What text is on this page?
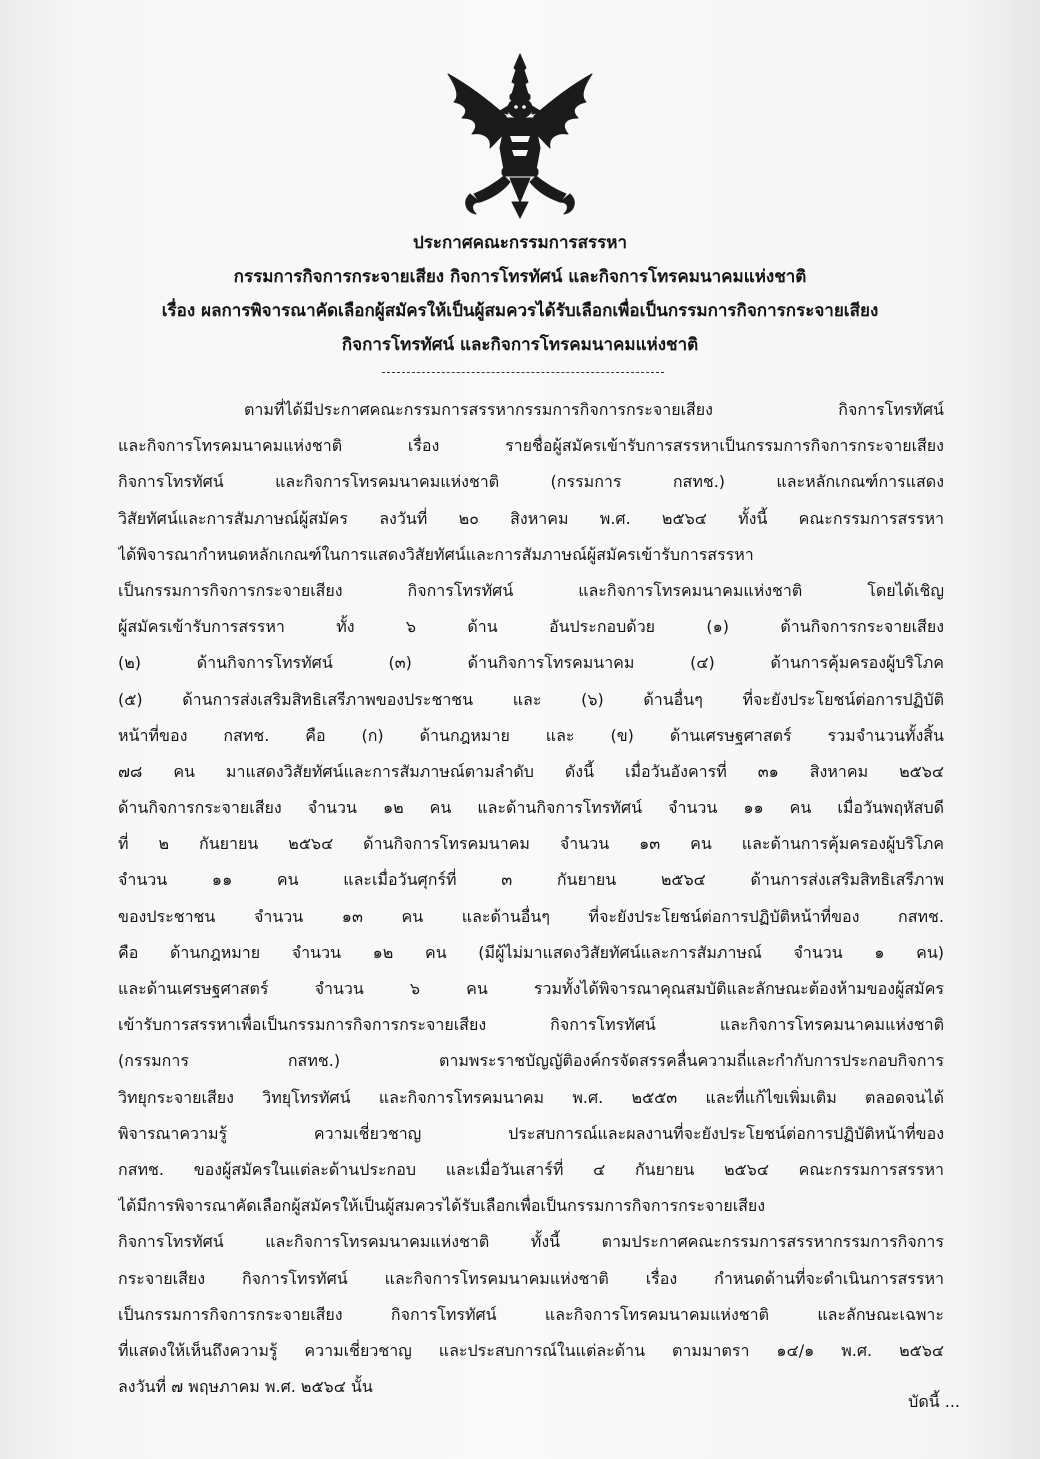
ประกาศคณะกรรมการสรรหา

กรรมการกิจการกระจายเสียง กิจการโทรทัศน์ และกิจการโทรคมนาคมแห่งชาติ

เรื่อง ผลการพิจารณาคัดเลือกผู้สมัครให้เป็นผู้สมควรได้รับเลือกเพื่อเป็นกรรมการกิจการกระจายเสียง

กิจการโทรทัศน์ และกิจการโทรคมนาคมแห่งชาติ

ตามที่ได้มีประกาศคณะกรรมการสรรหากรรมการกิจการกระจายเสียง กิจการโทรทัศน์
และกิจการโทรคมนาคมแห่งชาติ เรื่อง รายชื่อผู้สมัครเข้ารับการสรรหาเป็นกรรมการกิจการกระจายเสียง
กิจการโทรทัศน์ และกิจการโทรคมนาคมแห่งชาติ (กรรมการ กสทช.) และหลักเกณฑ์การแสดง
วิสัยทัศน์และการสัมภาษณ์ผู้สมัคร ลงวันที่ ๒๐ สิงหาคม พ.ศ. ๒๕๖๔ ทั้งนี้ คณะกรรมการสรรหา
ได้พิจารณากำหนดหลักเกณฑ์ในการแสดงวิสัยทัศน์และการสัมภาษณ์ผู้สมัครเข้ารับการสรรหา
เป็นกรรมการกิจการกระจายเสียง กิจการโทรทัศน์ และกิจการโทรคมนาคมแห่งชาติ โดยได้เชิญ
ผู้สมัครเข้ารับการสรรหา ทั้ง ๖ ด้าน อันประกอบด้วย (๑) ด้านกิจการกระจายเสียง
(๒) ด้านกิจการโทรทัศน์ (๓) ด้านกิจการโทรคมนาคม (๔) ด้านการคุ้มครองผู้บริโภค
(๕) ด้านการส่งเสริมสิทธิเสรีภาพของประชาชน และ (๖) ด้านอื่นๆ ที่จะยังประโยชน์ต่อการปฏิบัติ
หน้าที่ของ กสทช. คือ (ก) ด้านกฎหมาย และ (ข) ด้านเศรษฐศาสตร์ รวมจำนวนทั้งสิ้น
๗๘ คน มาแสดงวิสัยทัศน์และการสัมภาษณ์ตามลำดับ ดังนี้ เมื่อวันอังคารที่ ๓๑ สิงหาคม ๒๕๖๔
ด้านกิจการกระจายเสียง จำนวน ๑๒ คน และด้านกิจการโทรทัศน์ จำนวน ๑๑ คน เมื่อวันพฤหัสบดี
ที่ ๒ กันยายน ๒๕๖๔ ด้านกิจการโทรคมนาคม จำนวน ๑๓ คน และด้านการคุ้มครองผู้บริโภค
จำนวน ๑๑ คน และเมื่อวันศุกร์ที่ ๓ กันยายน ๒๕๖๔ ด้านการส่งเสริมสิทธิเสรีภาพ
ของประชาชน จำนวน ๑๓ คน และด้านอื่นๆ ที่จะยังประโยชน์ต่อการปฏิบัติหน้าที่ของ กสทช.
คือ ด้านกฎหมาย จำนวน ๑๒ คน (มีผู้ไม่มาแสดงวิสัยทัศน์และการสัมภาษณ์ จำนวน ๑ คน)
และด้านเศรษฐศาสตร์ จำนวน ๖ คน รวมทั้งได้พิจารณาคุณสมบัติและลักษณะต้องห้ามของผู้สมัคร
เข้ารับการสรรหาเพื่อเป็นกรรมการกิจการกระจายเสียง กิจการโทรทัศน์ และกิจการโทรคมนาคมแห่งชาติ
(กรรมการ กสทช.) ตามพระราชบัญญัติองค์กรจัดสรรคลื่นความถี่และกำกับการประกอบกิจการ
วิทยุกระจายเสียง วิทยุโทรทัศน์ และกิจการโทรคมนาคม พ.ศ. ๒๕๕๓ และที่แก้ไขเพิ่มเติม ตลอดจนได้
พิจารณาความรู้ ความเชี่ยวชาญ ประสบการณ์และผลงานที่จะยังประโยชน์ต่อการปฏิบัติหน้าที่ของ
กสทช. ของผู้สมัครในแต่ละด้านประกอบ และเมื่อวันเสาร์ที่ ๔ กันยายน ๒๕๖๔ คณะกรรมการสรรหา
ได้มีการพิจารณาคัดเลือกผู้สมัครให้เป็นผู้สมควรได้รับเลือกเพื่อเป็นกรรมการกิจการกระจายเสียง
กิจการโทรทัศน์ และกิจการโทรคมนาคมแห่งชาติ ทั้งนี้ ตามประกาศคณะกรรมการสรรหากรรมการกิจการ
กระจายเสียง กิจการโทรทัศน์ และกิจการโทรคมนาคมแห่งชาติ เรื่อง กำหนดด้านที่จะดำเนินการสรรหา
เป็นกรรมการกิจการกระจายเสียง กิจการโทรทัศน์ และกิจการโทรคมนาคมแห่งชาติ และลักษณะเฉพาะ
ที่แสดงให้เห็นถึงความรู้ ความเชี่ยวชาญ และประสบการณ์ในแต่ละด้าน ตามมาตรา ๑๔/๑ พ.ศ. ๒๕๖๔
ลงวันที่ ๗ พฤษภาคม พ.ศ. ๒๕๖๔ นั้น
บัดนี้ ...
